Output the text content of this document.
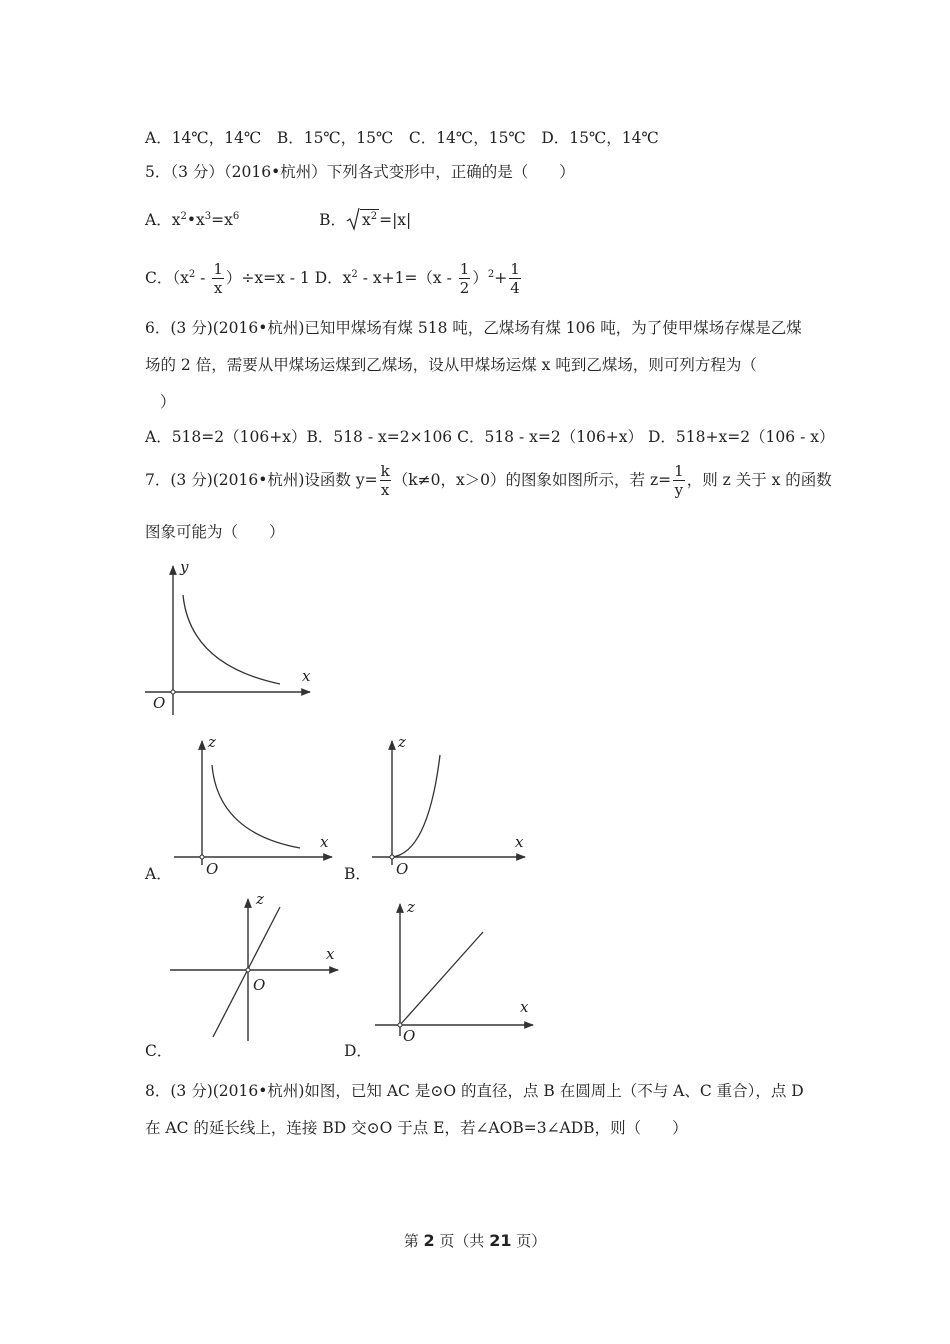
A．14℃，14℃　B．15℃，15℃　C．14℃，15℃　D．15℃，14℃
5．（3 分）（2016•杭州）下列各式变形中，正确的是（　　）
A．$x^2•x^3=x^6$	B． $x^2 =|x|$
C．$(x^2 - \frac{1}{x} )\div x=x - 1$ D．$x^2 - x+1=(x - \frac{1}{2} )^2+ \frac{1}{4}$
6．(3 分)(2016•杭州)已知甲煤场有煤 518 吨，乙煤场有煤 106 吨，为了使甲煤场存煤是乙煤
场的 2 倍，需要从甲煤场运煤到乙煤场，设从甲煤场运煤 x 吨到乙煤场，则可列方程为（
）
A．518=2（106+x）B．518 - x=2×106 C．518 - x=2（106+x） D．518+x=2（106 - x）
7．(3 分)(2016•杭州)设函数 $y= \frac{k}{x} (k\ne 0$，x＞0）的图象如图所示，若 $z= \frac{1}{y}$ ，则 z 关于 x 的函数
图象可能为（　　）
y
x
O
z
x
O
A．
z
x
O
B．
z
x
O
C．
z
x
O
D．
8．(3 分)(2016•杭州)如图，已知 AC 是⊙O 的直径，点 B 在圆周上（不与 A、C 重合），点 D
在 AC 的延长线上，连接 BD 交⊙O 于点 E，若∠AOB=3∠ADB，则（　　）
第 2 页（共 21 页）
